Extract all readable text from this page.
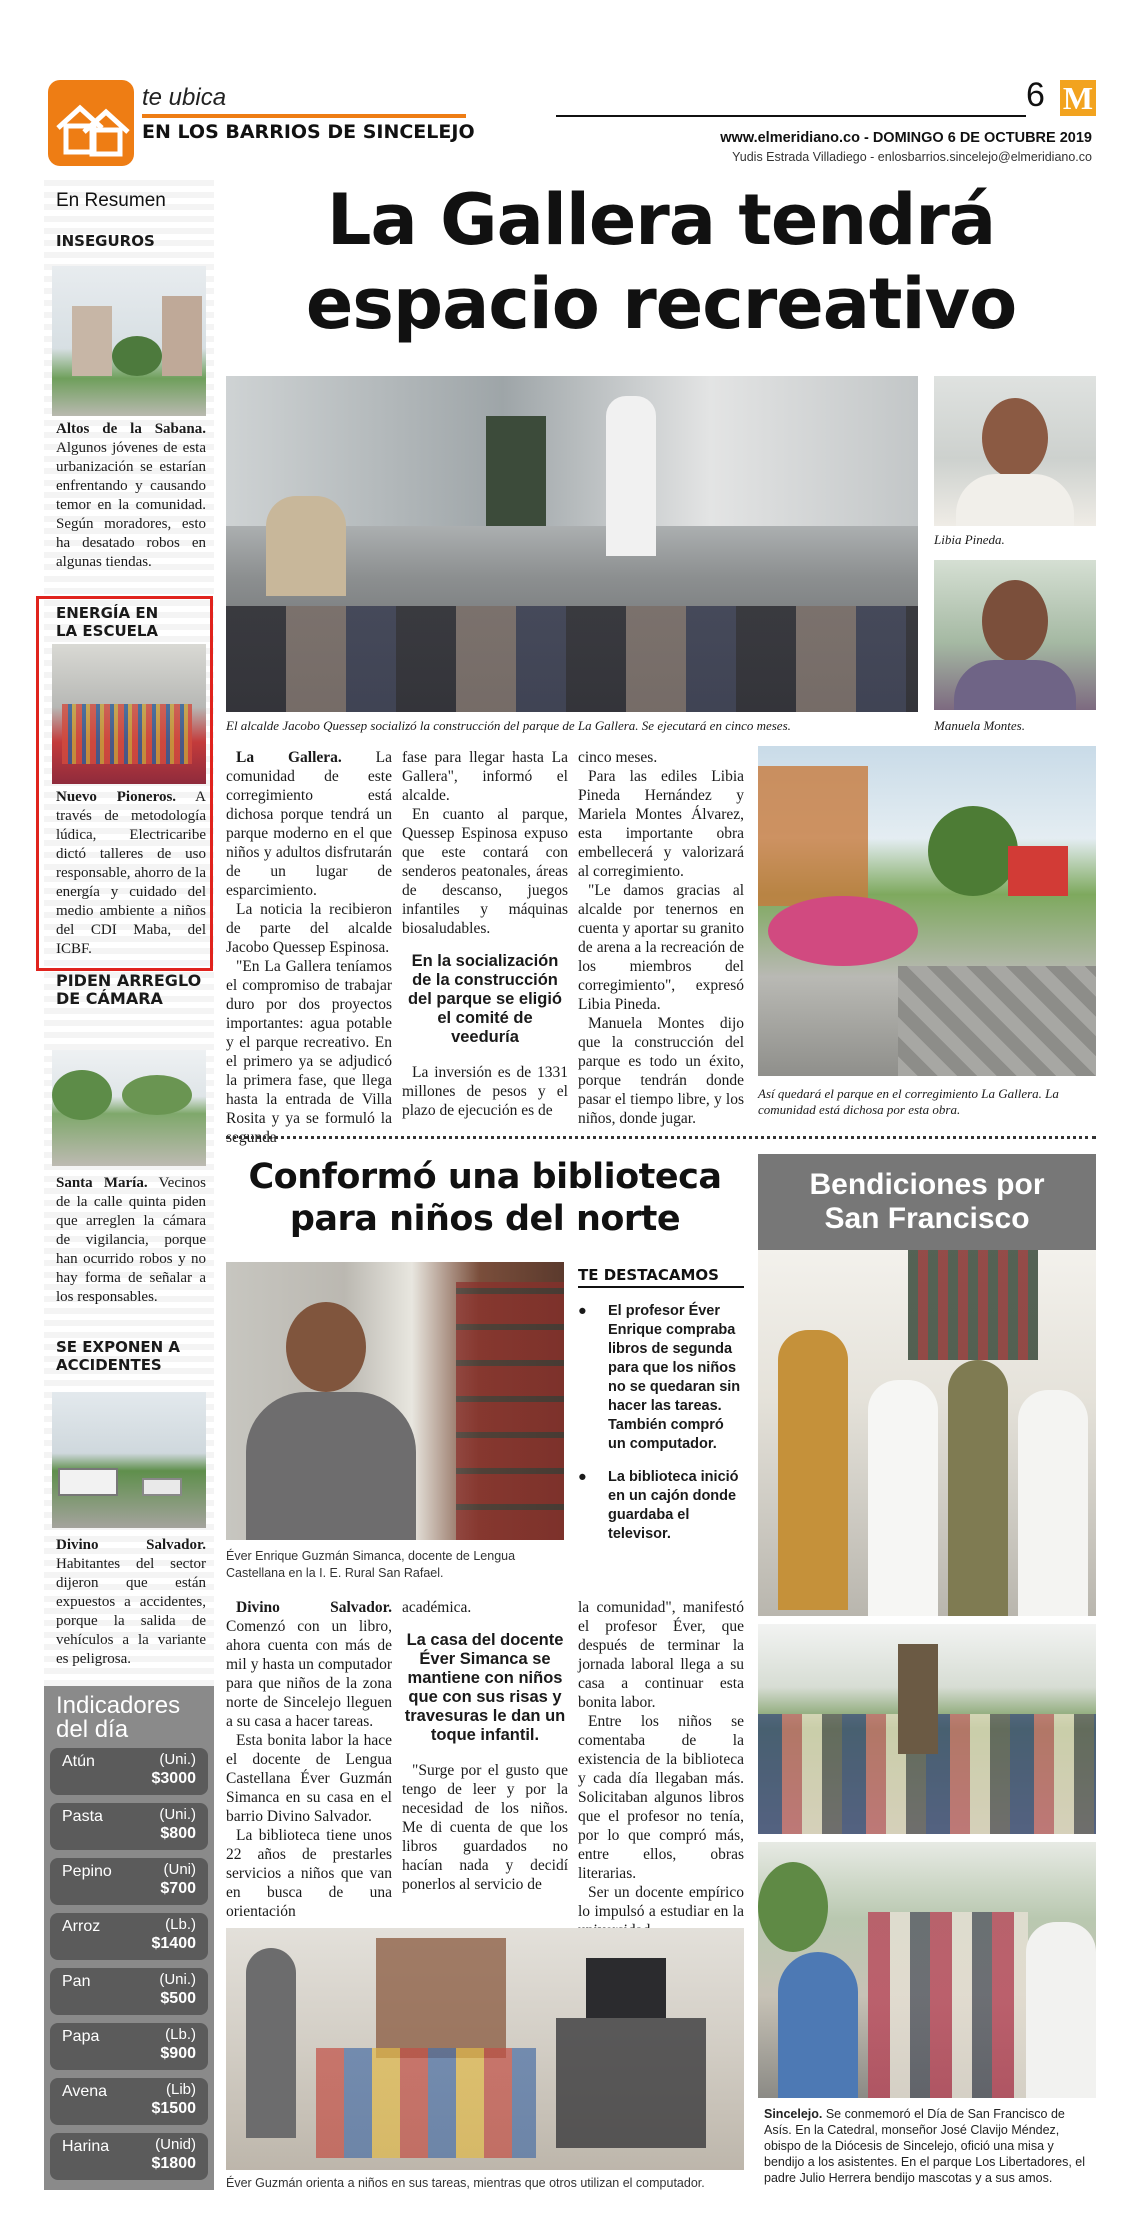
te ubica
EN LOS BARRIOS DE SINCELEJO
6 M
www.elmeridiano.co - DOMINGO 6 DE OCTUBRE 2019
Yudis Estrada Villadiego - enlosbarrios.sincelejo@elmeridiano.co
En Resumen
INSEGUROS
Altos de la Sabana. Algunos jóvenes de esta urbanización se estarían enfrentando y causando temor en la comunidad. Según moradores, esto ha desatado robos en algunas tiendas.
ENERGÍA EN LA ESCUELA
Nuevo Pioneros. A través de metodología lúdica, Electricaribe dictó talleres de uso responsable, ahorro de la energía y cuidado del medio ambiente a niños del CDI Maba, del ICBF.
PIDEN ARREGLO DE CÁMARA
Santa María. Vecinos de la calle quinta piden que arreglen la cámara de vigilancia, porque han ocurrido robos y no hay forma de señalar a los responsables.
SE EXPONEN A ACCIDENTES
Divino Salvador. Habitantes del sector dijeron que están expuestos a accidentes, porque la salida de vehículos a la variante es peligrosa.
Indicadores
del día
Atún	(Uni.)
$3000
Pasta	(Uni.)
$800
Pepino	(Uni)
$700
Arroz	(Lb.)
$1400
Pan	(Uni.)
$500
Papa	(Lb.)
$900
Avena	(Lib)
$1500
Harina	(Unid)
$1800
La Gallera tendrá
espacio recreativo
Libia Pineda.
El alcalde Jacobo Quessep socializó la construcción del parque de La Gallera. Se ejecutará en cinco meses.	Manuela Montes.

La Gallera. La comunidad de este corregimiento está dichosa porque tendrá un parque moderno en el que niños y adultos disfrutarán de un lugar de esparcimiento.

La noticia la recibieron de parte del alcalde Jacobo Quessep Espinosa.

"En La Gallera teníamos el compromiso de trabajar duro por dos proyectos importantes: agua potable y el parque recreativo. En el primero ya se adjudicó la primera fase, que llega hasta la entrada de Villa Rosita y ya se formuló la segunda

fase para llegar hasta La Gallera", informó el alcalde.

En cuanto al parque, Quessep Espinosa expuso que este contará con senderos peatonales, áreas de descanso, juegos infantiles y máquinas biosaludables.

En la socialización de la construcción del parque se eligió el comité de veeduría

La inversión es de 1331 millones de pesos y el plazo de ejecución es de

cinco meses.

Para las ediles Libia Pineda Hernández y Mariela Montes Álvarez, esta importante obra embellecerá y valorizará al corregimiento.

"Le damos gracias al alcalde por tenernos en cuenta y aportar su granito de arena a la recreación de los miembros del corregimiento", expresó Libia Pineda.

Manuela Montes dijo que la construcción del parque es todo un éxito, porque tendrán donde pasar el tiempo libre, y los niños, donde jugar.

Así quedará el parque en el corregimiento La Gallera. La comunidad está dichosa por esta obra.
Conformó una biblioteca
para niños del norte
Éver Enrique Guzmán Simanca, docente de Lengua Castellana en la I. E. Rural San Rafael.
TE DESTACAMOS
● El profesor Éver Enrique compraba libros de segunda para que los niños no se quedaran sin hacer las tareas. También compró un computador.
● La biblioteca inició en un cajón donde guardaba el televisor.

Divino Salvador. Comenzó con un libro, ahora cuenta con más de mil y hasta un computador para que niños de la zona norte de Sincelejo lleguen a su casa a hacer tareas.

Esta bonita labor la hace el docente de Lengua Castellana Éver Guzmán Simanca en su casa en el barrio Divino Salvador.

La biblioteca tiene unos 22 años de prestarles servicios a niños que van en busca de una orientación

académica.

La casa del docente Éver Simanca se mantiene con niños que con sus risas y travesuras le dan un toque infantil.

"Surge por el gusto que tengo de leer y por la necesidad de los niños. Me di cuenta de que los libros guardados no hacían nada y decidí ponerlos al servicio de

la comunidad", manifestó el profesor Éver, que después de terminar la jornada laboral llega a su casa a continuar esta bonita labor.

Entre los niños se comentaba de la existencia de la biblioteca y cada día llegaban más. Solicitaban algunos libros que el profesor no tenía, por lo que compró más, entre ellos, obras literarias.

Ser un docente empírico lo impulsó a estudiar en la

Éver Guzmán orienta a niños en sus tareas, mientras que otros utilizan el computador.
Bendiciones por
San Francisco
Sincelejo. Se conmemoró el Día de San Francisco de Asís. En la Catedral, monseñor José Clavijo Méndez, obispo de la Diócesis de Sincelejo, ofició una misa y bendijo a los asistentes. En el parque Los Libertadores, el padre Julio Herrera bendijo mascotas y a sus amos.
